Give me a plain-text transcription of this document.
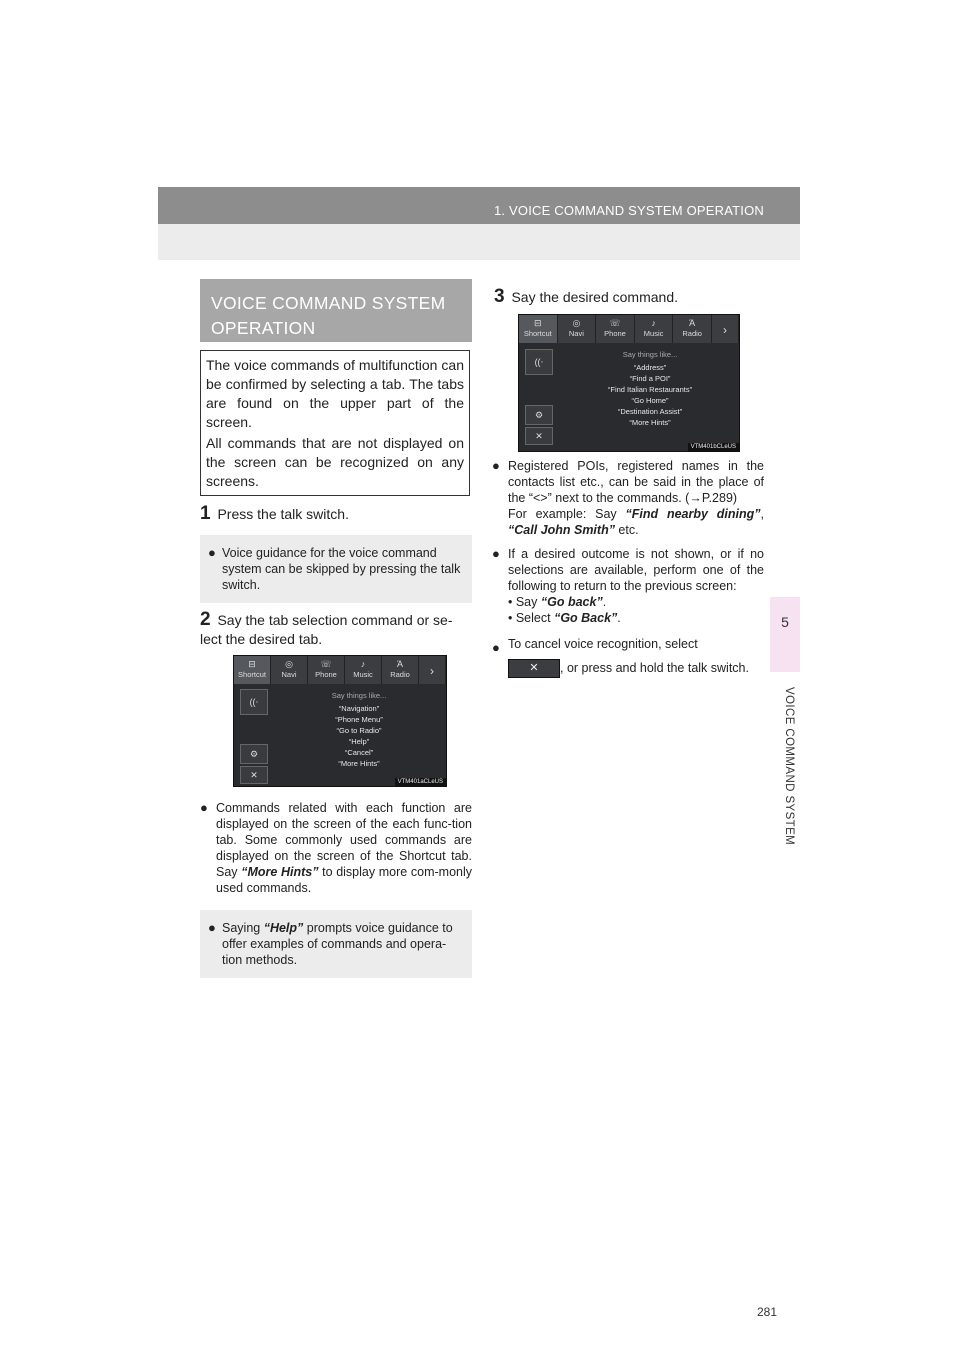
1. VOICE COMMAND SYSTEM OPERATION
5
VOICE COMMAND SYSTEM
VOICE COMMAND SYSTEM
OPERATION

The voice commands of multifunction can be confirmed by selecting a tab. The tabs are found on the upper part of the screen.

All commands that are not displayed on the screen can be recognized on any screens.

1 Press the talk switch.
● Voice guidance for the voice command system can be skipped by pressing the talk switch.
2 Say the tab selection command or se-lect the desired tab.
⊟
Shortcut
◎
Navi
☏
Phone
♪
Music
Ά
Radio	›
((⋅
⚙
✕
Say things like...
“Navigation”
“Phone Menu”
“Go to Radio”
“Help”
“Cancel”
“More Hints”
VTM401aCLeUS
● Commands related with each function are displayed on the screen of the each func-tion tab. Some commonly used commands are displayed on the screen of the Shortcut tab. Say “More Hints” to display more com-monly used commands.
● Saying “Help” prompts voice guidance to offer examples of commands and opera-tion methods.
3 Say the desired command.
⊟
Shortcut
◎
Navi
☏
Phone
♪
Music
Ά
Radio	›
((⋅
⚙
✕
Say things like...
“Address”
“Find a POI”
“Find Italian Restaurants”
“Go Home”
“Destination Assist”
“More Hints”
VTM401bCLeUS
● Registered POIs, registered names in the contacts list etc., can be said in the place of the “<>” next to the commands. (→P.289)
For example: Say “Find nearby dining”, “Call John Smith” etc.
● If a desired outcome is not shown, or if no selections are available, perform one of the following to return to the previous screen:
• Say “Go back”.
• Select “Go Back”.
● To cancel voice recognition, select
✕ , or press and hold the talk switch.
281
